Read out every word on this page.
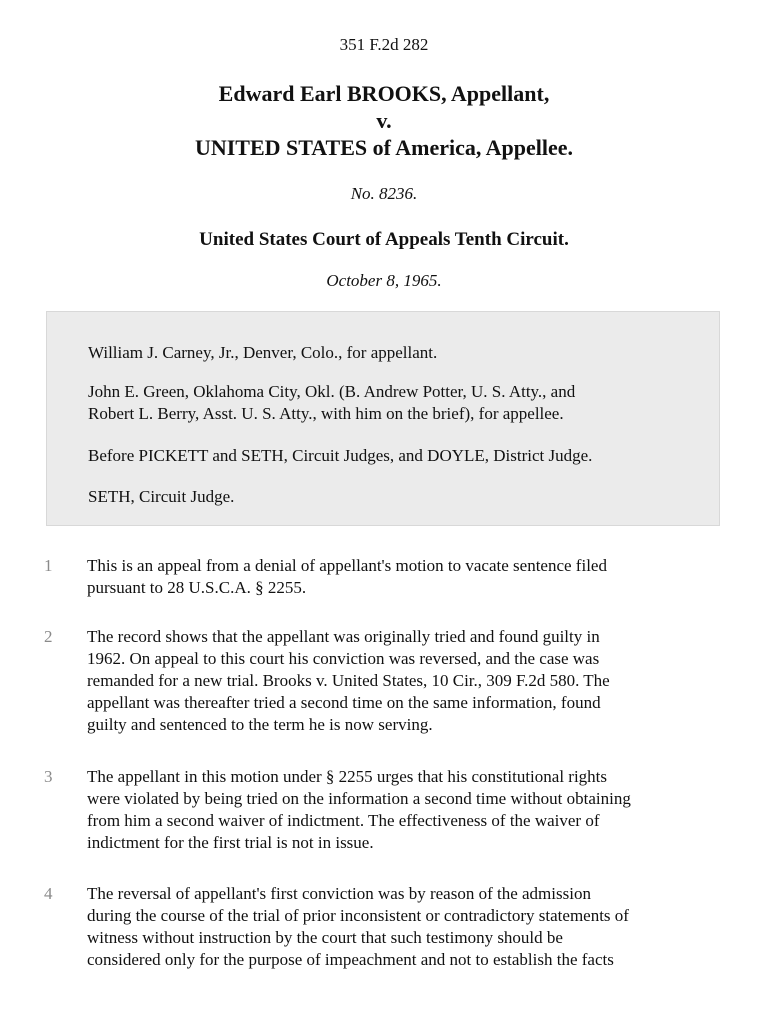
351 F.2d 282
Edward Earl BROOKS, Appellant,
v.
UNITED STATES of America, Appellee.
No. 8236.
United States Court of Appeals Tenth Circuit.
October 8, 1965.
William J. Carney, Jr., Denver, Colo., for appellant.
John E. Green, Oklahoma City, Okl. (B. Andrew Potter, U. S. Atty., and
Robert L. Berry, Asst. U. S. Atty., with him on the brief), for appellee.
Before PICKETT and SETH, Circuit Judges, and DOYLE, District Judge.
SETH, Circuit Judge.
1 This is an appeal from a denial of appellant's motion to vacate sentence filed
pursuant to 28 U.S.C.A. § 2255.
2 The record shows that the appellant was originally tried and found guilty in
1962. On appeal to this court his conviction was reversed, and the case was
remanded for a new trial. Brooks v. United States, 10 Cir., 309 F.2d 580. The
appellant was thereafter tried a second time on the same information, found
guilty and sentenced to the term he is now serving.
3 The appellant in this motion under § 2255 urges that his constitutional rights
were violated by being tried on the information a second time without obtaining
from him a second waiver of indictment. The effectiveness of the waiver of
indictment for the first trial is not in issue.
4 The reversal of appellant's first conviction was by reason of the admission
during the course of the trial of prior inconsistent or contradictory statements of
witness without instruction by the court that such testimony should be
considered only for the purpose of impeachment and not to establish the facts
